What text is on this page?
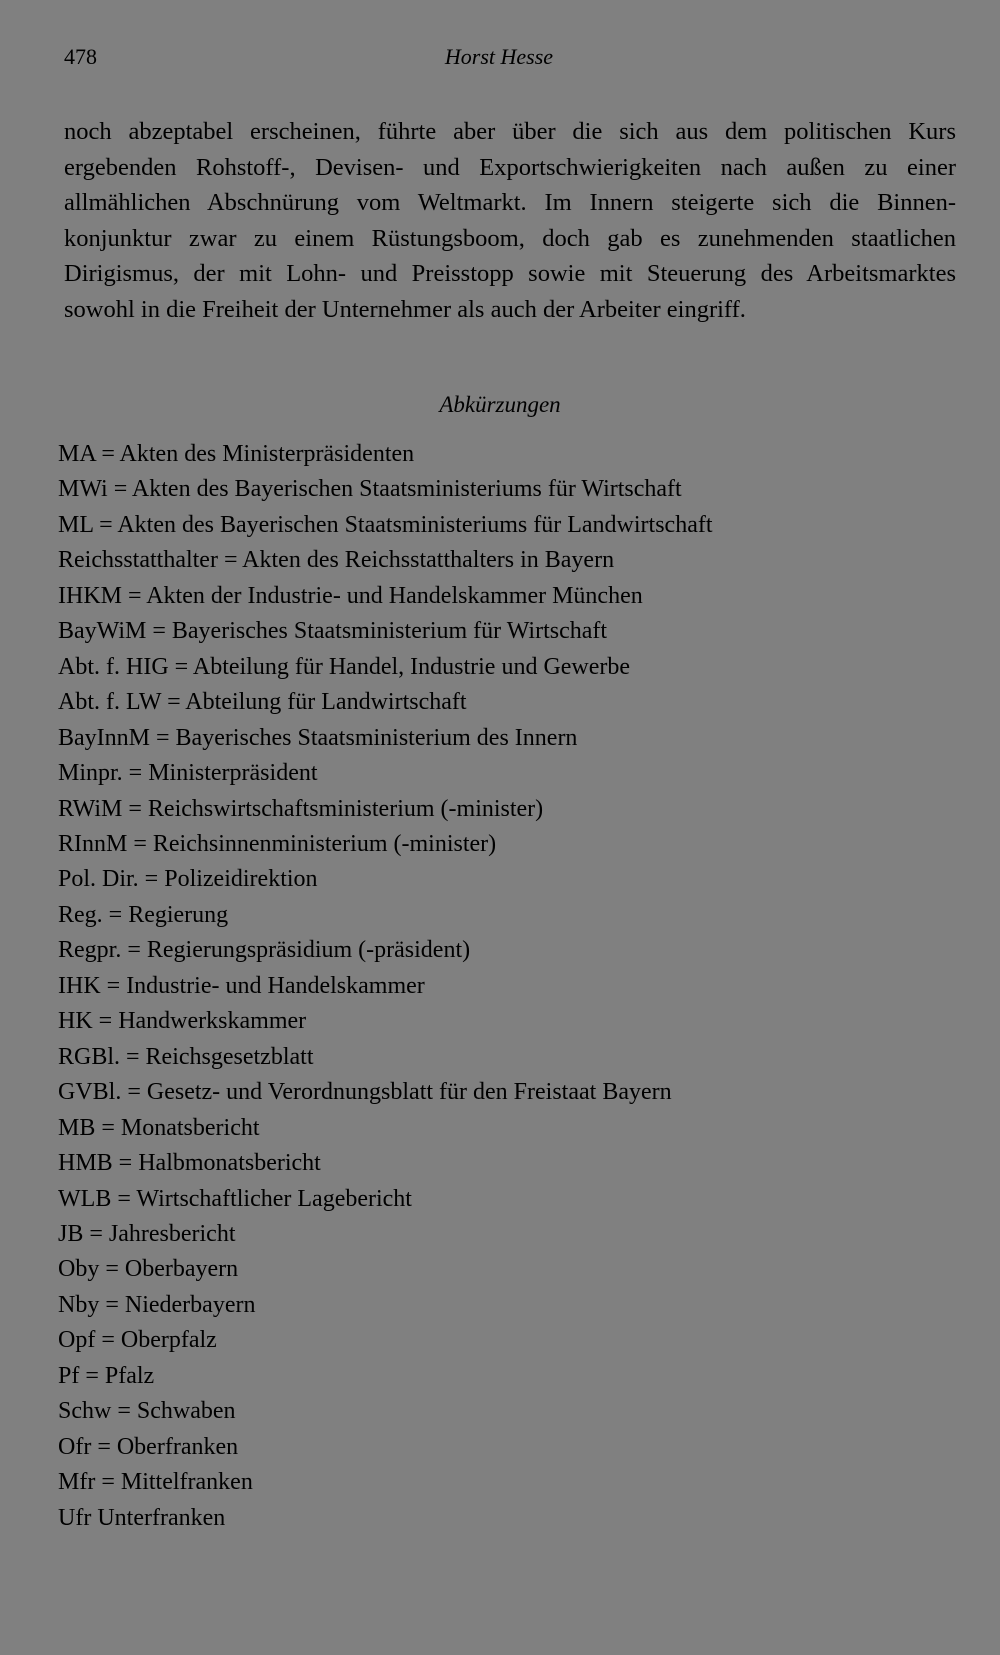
478	Horst Hesse

noch abzeptabel erscheinen, führte aber über die sich aus dem politischen Kurs
ergebenden Rohstoff-, Devisen- und Exportschwierigkeiten nach außen zu einer
allmählichen Abschnürung vom Weltmarkt. Im Innern steigerte sich die Binnen-
konjunktur zwar zu einem Rüstungsboom, doch gab es zunehmenden staatlichen
Dirigismus, der mit Lohn- und Preisstopp sowie mit Steuerung des Arbeitsmarktes
sowohl in die Freiheit der Unternehmer als auch der Arbeiter eingriff.

Abkürzungen
MA = Akten des Ministerpräsidenten
MWi = Akten des Bayerischen Staatsministeriums für Wirtschaft
ML = Akten des Bayerischen Staatsministeriums für Landwirtschaft
Reichsstatthalter = Akten des Reichsstatthalters in Bayern
IHKM = Akten der Industrie- und Handelskammer München
BayWiM = Bayerisches Staatsministerium für Wirtschaft
Abt. f. HIG = Abteilung für Handel, Industrie und Gewerbe
Abt. f. LW = Abteilung für Landwirtschaft
BayInnM = Bayerisches Staatsministerium des Innern
Minpr. = Ministerpräsident
RWiM = Reichswirtschaftsministerium (-minister)
RInnM = Reichsinnenministerium (-minister)
Pol. Dir. = Polizeidirektion
Reg. = Regierung
Regpr. = Regierungspräsidium (-präsident)
IHK = Industrie- und Handelskammer
HK = Handwerkskammer
RGBl. = Reichsgesetzblatt
GVBl. = Gesetz- und Verordnungsblatt für den Freistaat Bayern
MB = Monatsbericht
HMB = Halbmonatsbericht
WLB = Wirtschaftlicher Lagebericht
JB = Jahresbericht
Oby = Oberbayern
Nby = Niederbayern
Opf = Oberpfalz
Pf = Pfalz
Schw = Schwaben
Ofr = Oberfranken
Mfr = Mittelfranken
Ufr Unterfranken
